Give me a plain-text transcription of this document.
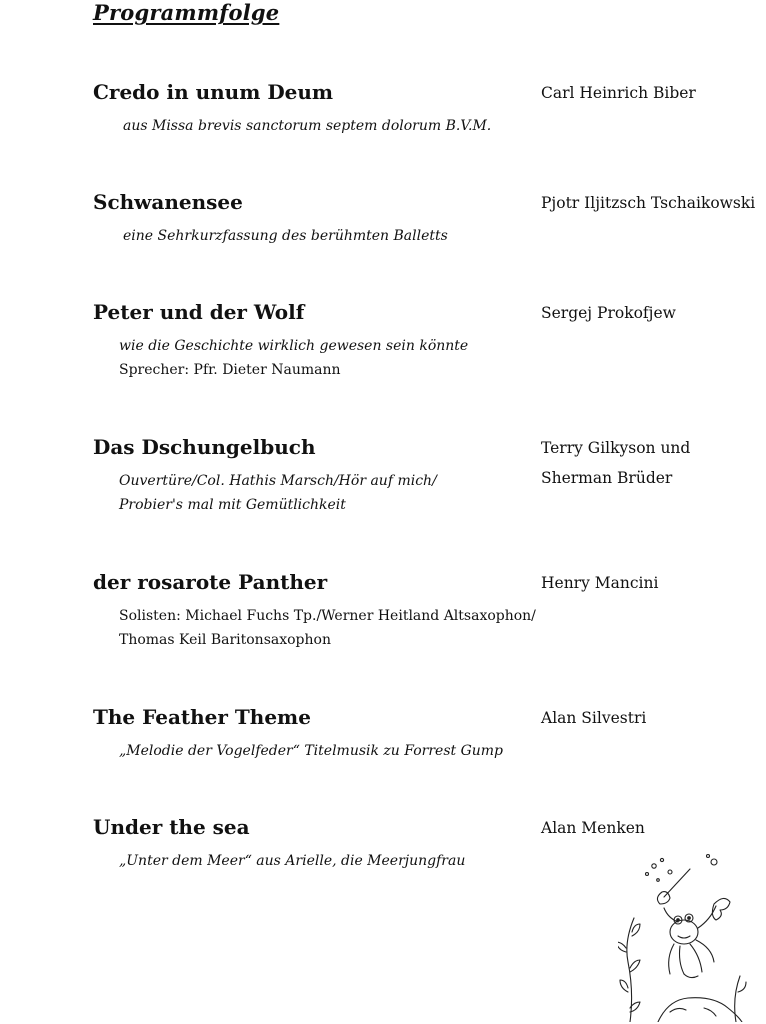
Programmfolge

Credo in unum Deum	Carl Heinrich Biber

aus Missa brevis sanctorum septem dolorum B.V.M.

Schwanensee	Pjotr Iljitzsch Tschaikowski

eine Sehrkurzfassung des berühmten Balletts

Peter und der Wolf	Sergej Prokofjew

wie die Geschichte wirklich gewesen sein könnte

Sprecher: Pfr. Dieter Naumann

Das Dschungelbuch	Terry Gilkyson und

Sherman Brüder

Ouvertüre/Col. Hathis Marsch/Hör auf mich/

Probier's mal mit Gemütlichkeit

der rosarote Panther	Henry Mancini

Solisten: Michael Fuchs Tp./Werner Heitland Altsaxophon/

Thomas Keil Baritonsaxophon

The Feather Theme	Alan Silvestri

„Melodie der Vogelfeder“ Titelmusik zu Forrest Gump

Under the sea	Alan Menken

„Unter dem Meer“ aus Arielle, die Meerjungfrau
